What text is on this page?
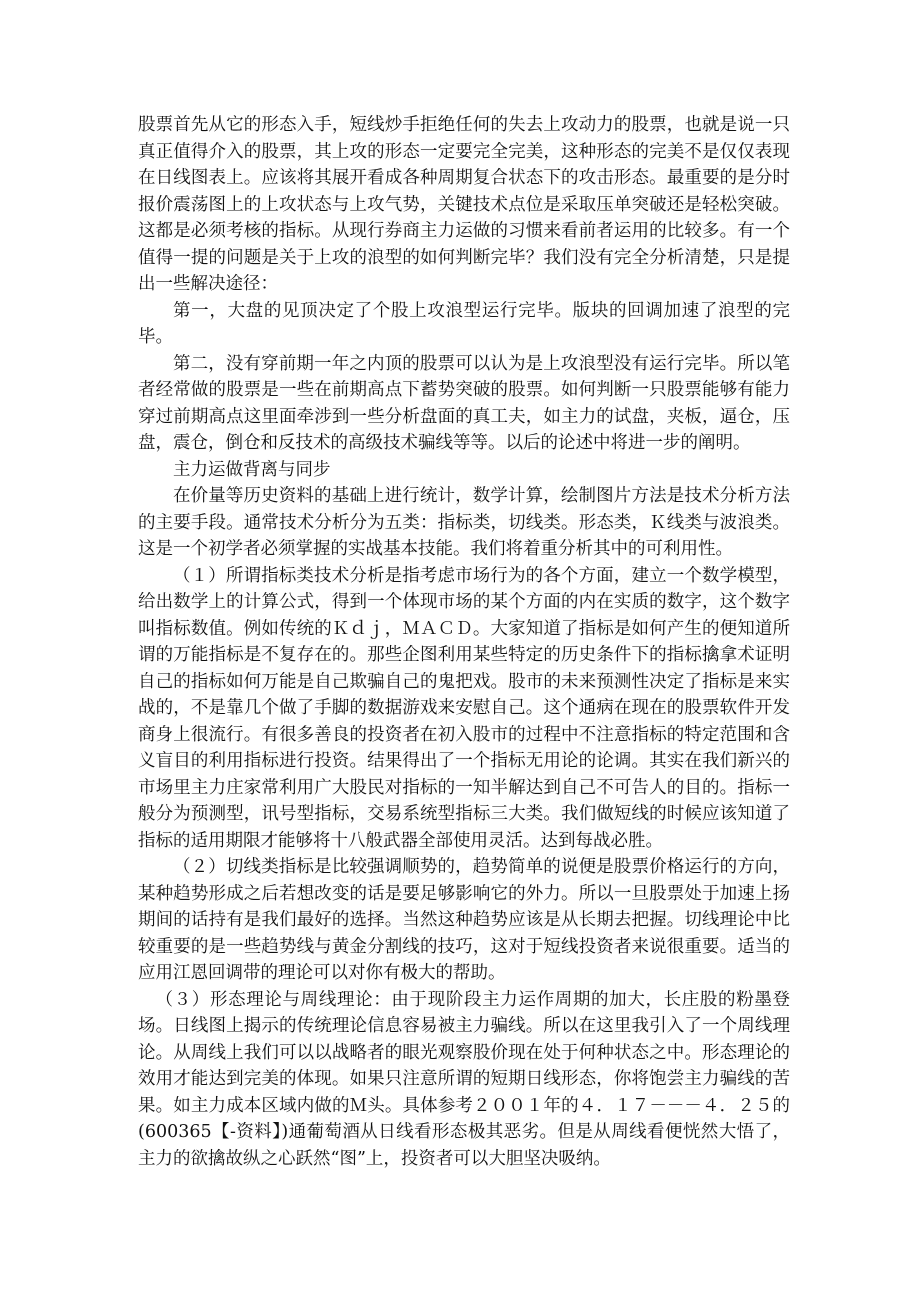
股票首先从它的形态入手，短线炒手拒绝任何的失去上攻动力的股票，也就是说一只真正值得介入的股票，其上攻的形态一定要完全完美，这种形态的完美不是仅仅表现在日线图表上。应该将其展开看成各种周期复合状态下的攻击形态。最重要的是分时报价震荡图上的上攻状态与上攻气势，关键技术点位是采取压单突破还是轻松突破。这都是必须考核的指标。从现行券商主力运做的习惯来看前者运用的比较多。有一个值得一提的问题是关于上攻的浪型的如何判断完毕？我们没有完全分析清楚，只是提出一些解决途径：

第一，大盘的见顶决定了个股上攻浪型运行完毕。版块的回调加速了浪型的完毕。

第二，没有穿前期一年之内顶的股票可以认为是上攻浪型没有运行完毕。所以笔者经常做的股票是一些在前期高点下蓄势突破的股票。如何判断一只股票能够有能力穿过前期高点这里面牵涉到一些分析盘面的真工夫，如主力的试盘，夹板，逼仓，压盘，震仓，倒仓和反技术的高级技术骗线等等。以后的论述中将进一步的阐明。

主力运做背离与同步

在价量等历史资料的基础上进行统计，数学计算，绘制图片方法是技术分析方法的主要手段。通常技术分析分为五类：指标类，切线类。形态类，Ｋ线类与波浪类。这是一个初学者必须掌握的实战基本技能。我们将着重分析其中的可利用性。

（１）所谓指标类技术分析是指考虑市场行为的各个方面，建立一个数学模型，给出数学上的计算公式，得到一个体现市场的某个方面的内在实质的数字，这个数字叫指标数值。例如传统的Ｋｄｊ，ＭＡＣＤ。大家知道了指标是如何产生的便知道所谓的万能指标是不复存在的。那些企图利用某些特定的历史条件下的指标擒拿术证明自己的指标如何万能是自己欺骗自己的鬼把戏。股市的未来预测性决定了指标是来实战的，不是靠几个做了手脚的数据游戏来安慰自己。这个通病在现在的股票软件开发商身上很流行。有很多善良的投资者在初入股市的过程中不注意指标的特定范围和含义盲目的利用指标进行投资。结果得出了一个指标无用论的论调。其实在我们新兴的市场里主力庄家常利用广大股民对指标的一知半解达到自己不可告人的目的。指标一般分为预测型，讯号型指标，交易系统型指标三大类。我们做短线的时候应该知道了指标的适用期限才能够将十八般武器全部使用灵活。达到每战必胜。

（２）切线类指标是比较强调顺势的，趋势简单的说便是股票价格运行的方向，某种趋势形成之后若想改变的话是要足够影响它的外力。所以一旦股票处于加速上扬期间的话持有是我们最好的选择。当然这种趋势应该是从长期去把握。切线理论中比较重要的是一些趋势线与黄金分割线的技巧，这对于短线投资者来说很重要。适当的应用江恩回调带的理论可以对你有极大的帮助。

（３）形态理论与周线理论：由于现阶段主力运作周期的加大，长庄股的粉墨登场。日线图上揭示的传统理论信息容易被主力骗线。所以在这里我引入了一个周线理论。从周线上我们可以以战略者的眼光观察股价现在处于何种状态之中。形态理论的效用才能达到完美的体现。如果只注意所谓的短期日线形态，你将饱尝主力骗线的苦果。如主力成本区域内做的Ｍ头。具体参考２００１年的４．１７－－－４．２５的(600365【-资料】)通葡萄酒从日线看形态极其恶劣。但是从周线看便恍然大悟了，主力的欲擒故纵之心跃然“图”上，投资者可以大胆坚决吸纳。
